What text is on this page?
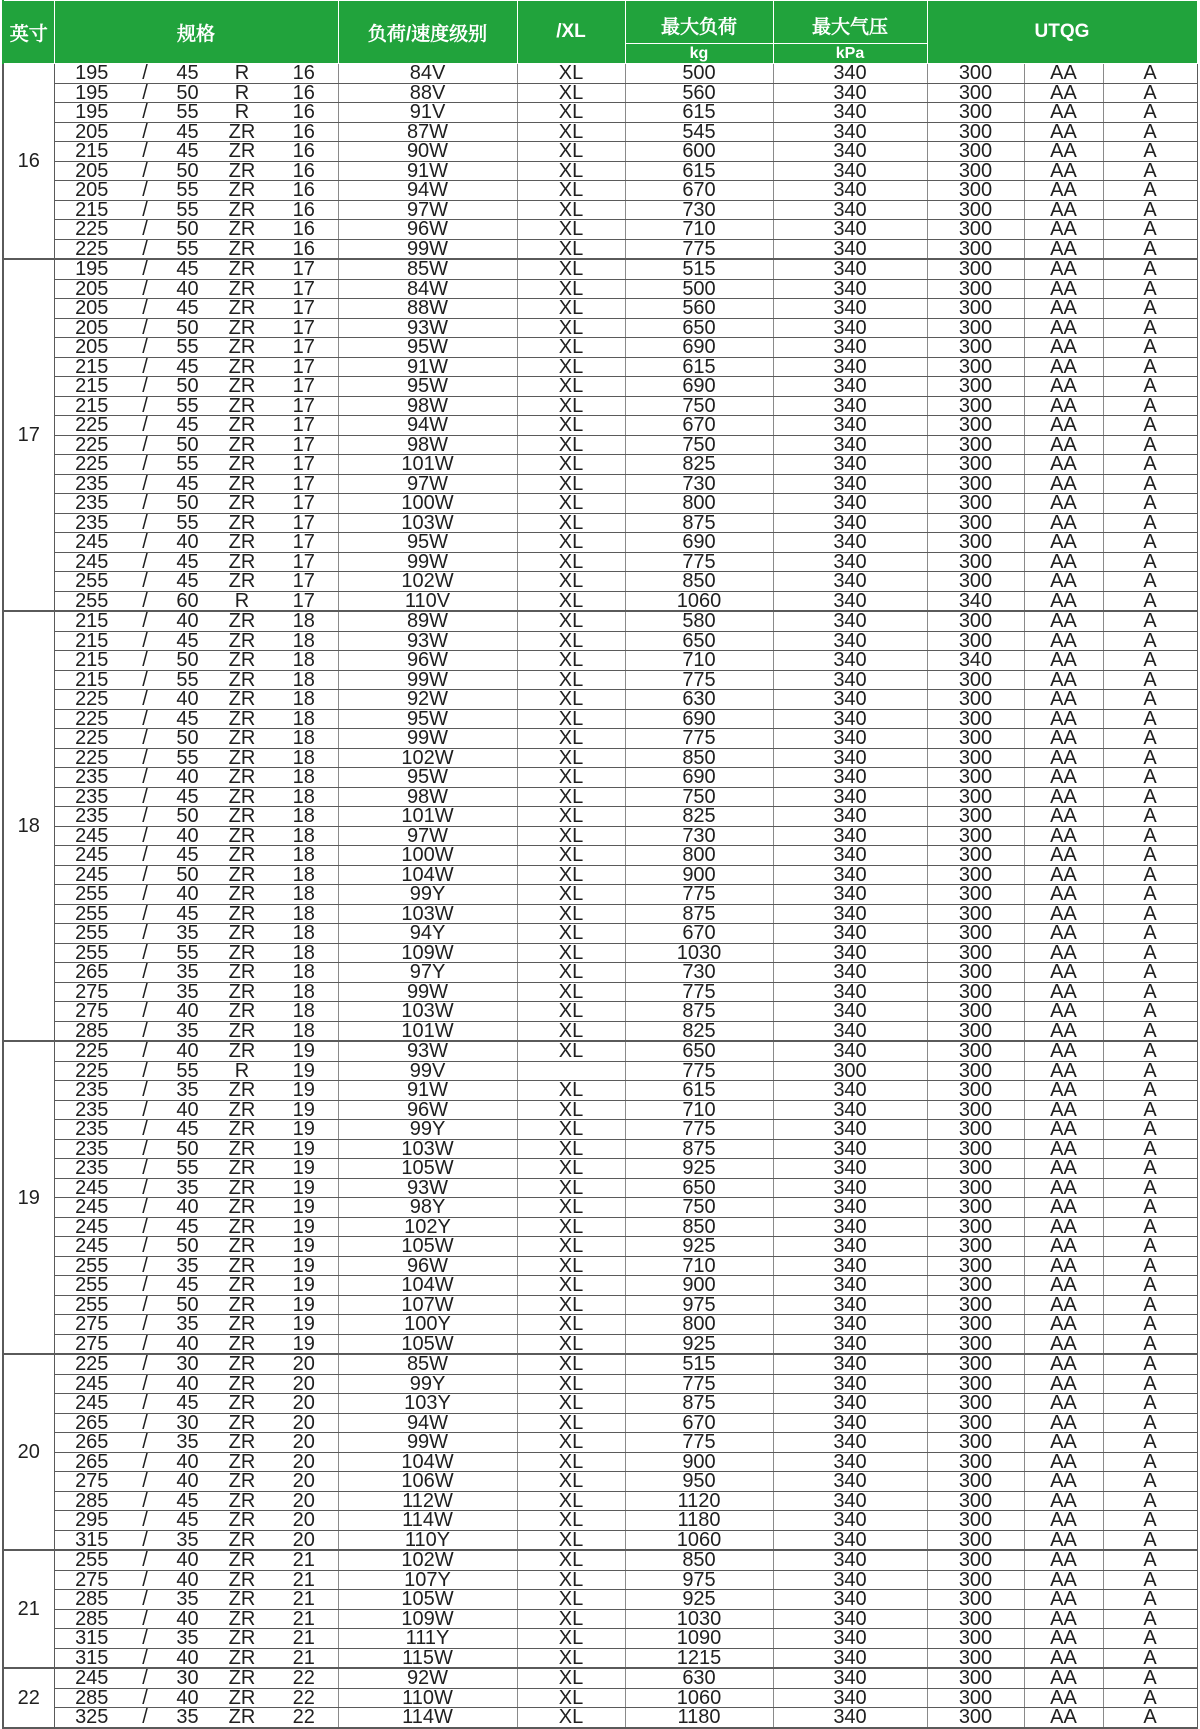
英寸	规格					负荷/速度级别	/XL	最大负荷	最大气压	UTQG		
								kg	kPa			
16	195	/	45	R	16	84V	XL	500	340	300	AA	A
	195	/	50	R	16	88V	XL	560	340	300	AA	A
	195	/	55	R	16	91V	XL	615	340	300	AA	A
	205	/	45	ZR	16	87W	XL	545	340	300	AA	A
	215	/	45	ZR	16	90W	XL	600	340	300	AA	A
	205	/	50	ZR	16	91W	XL	615	340	300	AA	A
	205	/	55	ZR	16	94W	XL	670	340	300	AA	A
	215	/	55	ZR	16	97W	XL	730	340	300	AA	A
	225	/	50	ZR	16	96W	XL	710	340	300	AA	A
	225	/	55	ZR	16	99W	XL	775	340	300	AA	A
17	195	/	45	ZR	17	85W	XL	515	340	300	AA	A
	205	/	40	ZR	17	84W	XL	500	340	300	AA	A
	205	/	45	ZR	17	88W	XL	560	340	300	AA	A
	205	/	50	ZR	17	93W	XL	650	340	300	AA	A
	205	/	55	ZR	17	95W	XL	690	340	300	AA	A
	215	/	45	ZR	17	91W	XL	615	340	300	AA	A
	215	/	50	ZR	17	95W	XL	690	340	300	AA	A
	215	/	55	ZR	17	98W	XL	750	340	300	AA	A
	225	/	45	ZR	17	94W	XL	670	340	300	AA	A
	225	/	50	ZR	17	98W	XL	750	340	300	AA	A
	225	/	55	ZR	17	101W	XL	825	340	300	AA	A
	235	/	45	ZR	17	97W	XL	730	340	300	AA	A
	235	/	50	ZR	17	100W	XL	800	340	300	AA	A
	235	/	55	ZR	17	103W	XL	875	340	300	AA	A
	245	/	40	ZR	17	95W	XL	690	340	300	AA	A
	245	/	45	ZR	17	99W	XL	775	340	300	AA	A
	255	/	45	ZR	17	102W	XL	850	340	300	AA	A
	255	/	60	R	17	110V	XL	1060	340	340	AA	A
18	215	/	40	ZR	18	89W	XL	580	340	300	AA	A
	215	/	45	ZR	18	93W	XL	650	340	300	AA	A
	215	/	50	ZR	18	96W	XL	710	340	340	AA	A
	215	/	55	ZR	18	99W	XL	775	340	300	AA	A
	225	/	40	ZR	18	92W	XL	630	340	300	AA	A
	225	/	45	ZR	18	95W	XL	690	340	300	AA	A
	225	/	50	ZR	18	99W	XL	775	340	300	AA	A
	225	/	55	ZR	18	102W	XL	850	340	300	AA	A
	235	/	40	ZR	18	95W	XL	690	340	300	AA	A
	235	/	45	ZR	18	98W	XL	750	340	300	AA	A
	235	/	50	ZR	18	101W	XL	825	340	300	AA	A
	245	/	40	ZR	18	97W	XL	730	340	300	AA	A
	245	/	45	ZR	18	100W	XL	800	340	300	AA	A
	245	/	50	ZR	18	104W	XL	900	340	300	AA	A
	255	/	40	ZR	18	99Y	XL	775	340	300	AA	A
	255	/	45	ZR	18	103W	XL	875	340	300	AA	A
	255	/	35	ZR	18	94Y	XL	670	340	300	AA	A
	255	/	55	ZR	18	109W	XL	1030	340	300	AA	A
	265	/	35	ZR	18	97Y	XL	730	340	300	AA	A
	275	/	35	ZR	18	99W	XL	775	340	300	AA	A
	275	/	40	ZR	18	103W	XL	875	340	300	AA	A
	285	/	35	ZR	18	101W	XL	825	340	300	AA	A
19	225	/	40	ZR	19	93W	XL	650	340	300	AA	A
	225	/	55	R	19	99V		775	300	300	AA	A
	235	/	35	ZR	19	91W	XL	615	340	300	AA	A
	235	/	40	ZR	19	96W	XL	710	340	300	AA	A
	235	/	45	ZR	19	99Y	XL	775	340	300	AA	A
	235	/	50	ZR	19	103W	XL	875	340	300	AA	A
	235	/	55	ZR	19	105W	XL	925	340	300	AA	A
	245	/	35	ZR	19	93W	XL	650	340	300	AA	A
	245	/	40	ZR	19	98Y	XL	750	340	300	AA	A
	245	/	45	ZR	19	102Y	XL	850	340	300	AA	A
	245	/	50	ZR	19	105W	XL	925	340	300	AA	A
	255	/	35	ZR	19	96W	XL	710	340	300	AA	A
	255	/	45	ZR	19	104W	XL	900	340	300	AA	A
	255	/	50	ZR	19	107W	XL	975	340	300	AA	A
	275	/	35	ZR	19	100Y	XL	800	340	300	AA	A
	275	/	40	ZR	19	105W	XL	925	340	300	AA	A
20	225	/	30	ZR	20	85W	XL	515	340	300	AA	A
	245	/	40	ZR	20	99Y	XL	775	340	300	AA	A
	245	/	45	ZR	20	103Y	XL	875	340	300	AA	A
	265	/	30	ZR	20	94W	XL	670	340	300	AA	A
	265	/	35	ZR	20	99W	XL	775	340	300	AA	A
	265	/	40	ZR	20	104W	XL	900	340	300	AA	A
	275	/	40	ZR	20	106W	XL	950	340	300	AA	A
	285	/	45	ZR	20	112W	XL	1120	340	300	AA	A
	295	/	45	ZR	20	114W	XL	1180	340	300	AA	A
	315	/	35	ZR	20	110Y	XL	1060	340	300	AA	A
21	255	/	40	ZR	21	102W	XL	850	340	300	AA	A
	275	/	40	ZR	21	107Y	XL	975	340	300	AA	A
	285	/	35	ZR	21	105W	XL	925	340	300	AA	A
	285	/	40	ZR	21	109W	XL	1030	340	300	AA	A
	315	/	35	ZR	21	111Y	XL	1090	340	300	AA	A
	315	/	40	ZR	21	115W	XL	1215	340	300	AA	A
22	245	/	30	ZR	22	92W	XL	630	340	300	AA	A
	285	/	40	ZR	22	110W	XL	1060	340	300	AA	A
	325	/	35	ZR	22	114W	XL	1180	340	300	AA	A
